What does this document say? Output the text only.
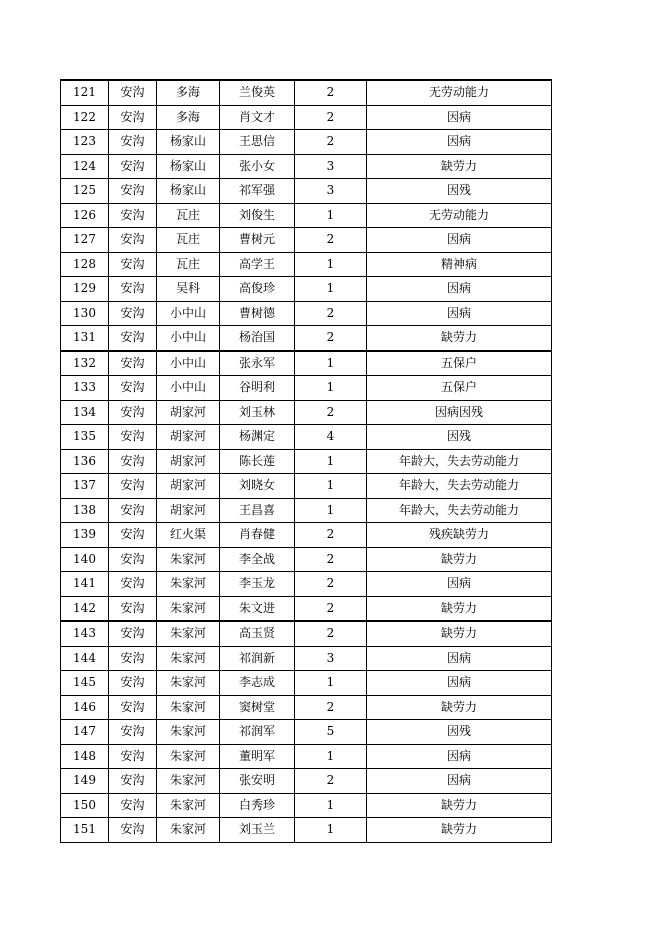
121	安沟	多海	兰俊英	2	无劳动能力
122	安沟	多海	肖文才	2	因病
123	安沟	杨家山	王思信	2	因病
124	安沟	杨家山	张小女	3	缺劳力
125	安沟	杨家山	祁军强	3	因残
126	安沟	瓦庄	刘俊生	1	无劳动能力
127	安沟	瓦庄	曹树元	2	因病
128	安沟	瓦庄	高学王	1	精神病
129	安沟	吴科	高俊珍	1	因病
130	安沟	小中山	曹树德	2	因病
131	安沟	小中山	杨治国	2	缺劳力
132	安沟	小中山	张永军	1	五保户
133	安沟	小中山	谷明利	1	五保户
134	安沟	胡家河	刘玉林	2	因病因残
135	安沟	胡家河	杨渊定	4	因残
136	安沟	胡家河	陈长莲	1	年龄大，失去劳动能力
137	安沟	胡家河	刘晓女	1	年龄大，失去劳动能力
138	安沟	胡家河	王昌喜	1	年龄大，失去劳动能力
139	安沟	红火渠	肖春健	2	残疾缺劳力
140	安沟	朱家河	李全战	2	缺劳力
141	安沟	朱家河	李玉龙	2	因病
142	安沟	朱家河	朱文进	2	缺劳力
143	安沟	朱家河	高玉贤	2	缺劳力
144	安沟	朱家河	祁润新	3	因病
145	安沟	朱家河	李志成	1	因病
146	安沟	朱家河	窦树堂	2	缺劳力
147	安沟	朱家河	祁润军	5	因残
148	安沟	朱家河	董明军	1	因病
149	安沟	朱家河	张安明	2	因病
150	安沟	朱家河	白秀珍	1	缺劳力
151	安沟	朱家河	刘玉兰	1	缺劳力
